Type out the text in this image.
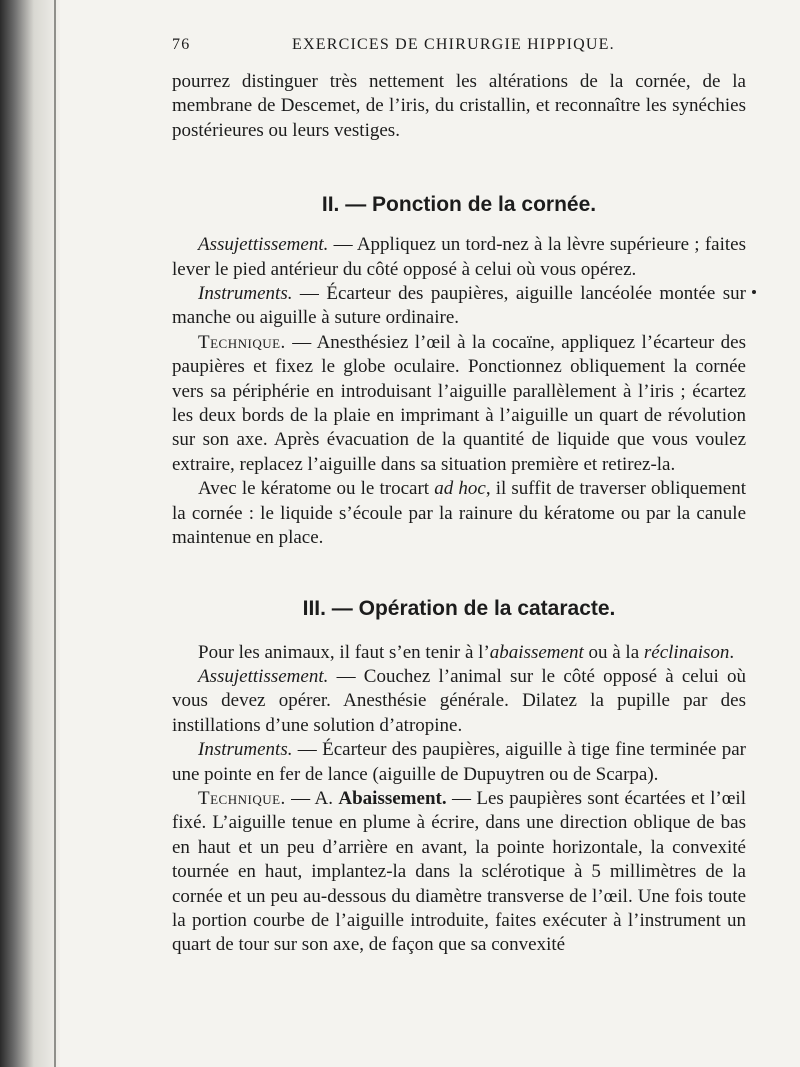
76	EXERCICES DE CHIRURGIE HIPPIQUE.

pourrez distinguer très nettement les altérations de la cornée, de la membrane de Descemet, de l’iris, du cristallin, et reconnaître les synéchies postérieures ou leurs vestiges.

II. — Ponction de la cornée.

Assujettissement. — Appliquez un tord-nez à la lèvre supérieure ; faites lever le pied antérieur du côté opposé à celui où vous opérez.

Instruments. — Écarteur des paupières, aiguille lancéolée montée sur manche ou aiguille à suture ordinaire.

Technique. — Anesthésiez l’œil à la cocaïne, appliquez l’écarteur des paupières et fixez le globe oculaire. Ponctionnez obliquement la cornée vers sa périphérie en introduisant l’aiguille parallèlement à l’iris ; écartez les deux bords de la plaie en imprimant à l’aiguille un quart de révolution sur son axe. Après évacuation de la quantité de liquide que vous voulez extraire, replacez l’aiguille dans sa situation première et retirez-la.

Avec le kératome ou le trocart ad hoc, il suffit de traverser obliquement la cornée : le liquide s’écoule par la rainure du kératome ou par la canule maintenue en place.

III. — Opération de la cataracte.

Pour les animaux, il faut s’en tenir à l’abaissement ou à la réclinaison.

Assujettissement. — Couchez l’animal sur le côté opposé à celui où vous devez opérer. Anesthésie générale. Dilatez la pupille par des instillations d’une solution d’atropine.

Instruments. — Écarteur des paupières, aiguille à tige fine terminée par une pointe en fer de lance (aiguille de Dupuytren ou de Scarpa).

Technique. — A. Abaissement. — Les paupières sont écartées et l’œil fixé. L’aiguille tenue en plume à écrire, dans une direction oblique de bas en haut et un peu d’arrière en avant, la pointe horizontale, la convexité tournée en haut, implantez-la dans la sclérotique à 5 millimètres de la cornée et un peu au-dessous du diamètre transverse de l’œil. Une fois toute la portion courbe de l’aiguille introduite, faites exécuter à l’instrument un quart de tour sur son axe, de façon que sa convexité
